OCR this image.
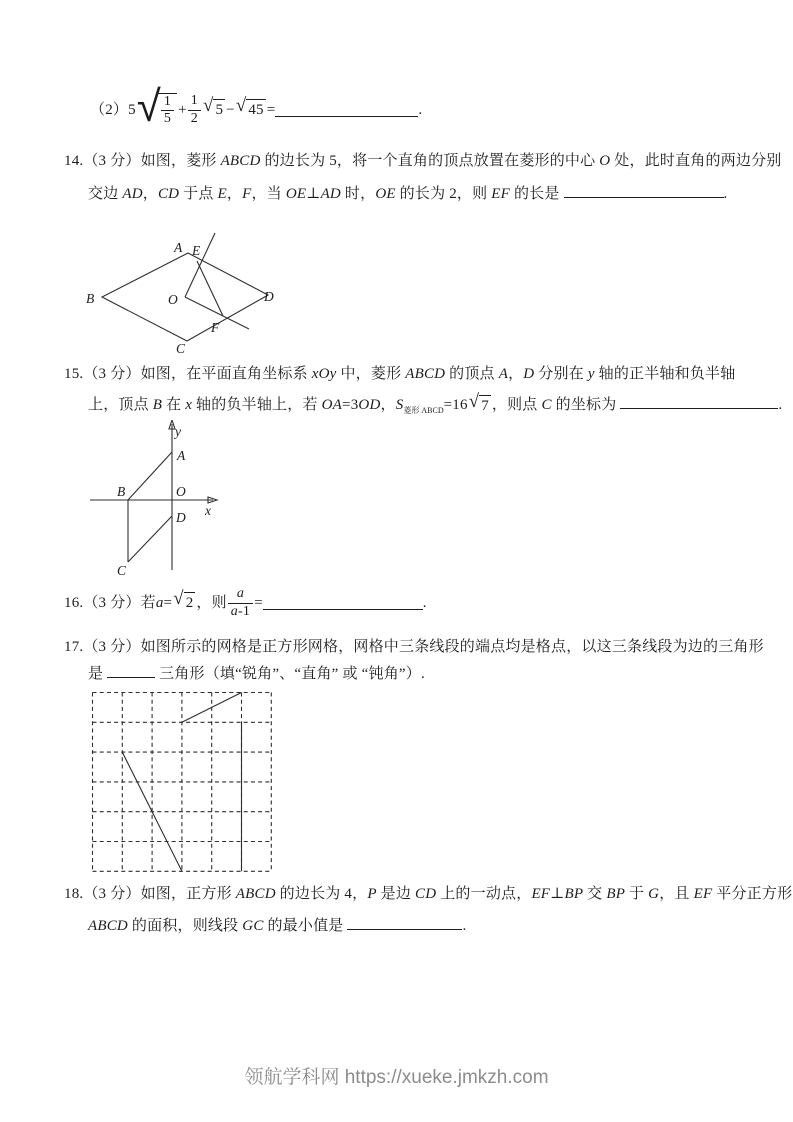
（2）5 √ $\frac{1}{5} + \frac{1}{2}$ √ 5 − √ 45 =	.
14.（3 分）如图，菱形 ABCD 的边长为 5，将一个直角的顶点放置在菱形的中心 O 处，此时直角的两边分别
交边 AD，CD 于点 E，F，当 OE⊥AD 时，OE 的长为 2，则 EF 的长是	.
A E
B	D
O
F
C
15.（3 分）如图，在平面直角坐标系 xOy 中，菱形 ABCD 的顶点 A，D 分别在 y 轴的正半轴和负半轴
上，顶点 B 在 x 轴的负半轴上，若 OA=3OD，$S_{菱形 ABCD}=16$ √ 7 ，则点 C 的坐标为	.
y
x
O
A
B
D
C
16.（3 分）若 a = √ 2 ，则 $\frac{a}{a-1}$ =	.
17.（3 分）如图所示的网格是正方形网格，网格中三条线段的端点均是格点，以这三条线段为边的三角形
是	三角形（填“锐角”、“直角” 或 “钝角”）.
18.（3 分）如图，正方形 ABCD 的边长为 4，P 是边 CD 上的一动点，EF⊥BP 交 BP 于 G，且 EF 平分正方形
ABCD 的面积，则线段 GC 的最小值是	.
领航学科网 https://xueke.jmkzh.com
